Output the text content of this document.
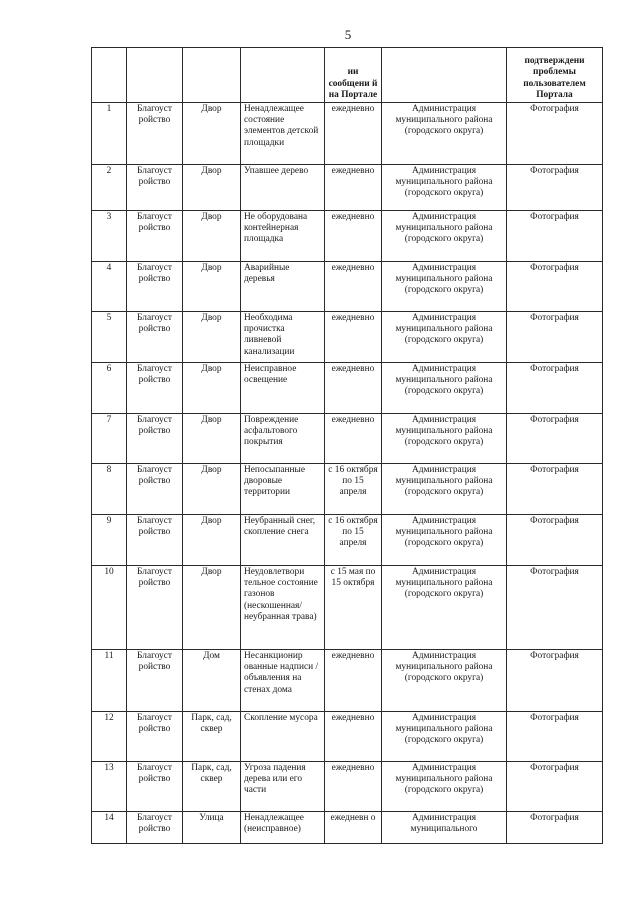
5
				ии сообщени й на Портале		подтверждени проблемы пользователем Портала
1	Благоуст ройство	Двор	Ненадлежащее состояние элементов детской площадки	ежедневно	Администрация муниципального района (городского округа)	Фотография
2	Благоуст ройство	Двор	Упавшее дерево	ежедневно	Администрация муниципального района (городского округа)	Фотография
3	Благоуст ройство	Двор	Не оборудована контейнерная площадка	ежедневно	Администрация муниципального района (городского округа)	Фотография
4	Благоуст ройство	Двор	Аварийные деревья	ежедневно	Администрация муниципального района (городского округа)	Фотография
5	Благоуст ройство	Двор	Необходима прочистка ливневой канализации	ежедневно	Администрация муниципального района (городского округа)	Фотография
6	Благоуст ройство	Двор	Неисправное освещение	ежедневно	Администрация муниципального района (городского округа)	Фотография
7	Благоуст ройство	Двор	Повреждение асфальтового покрытия	ежедневно	Администрация муниципального района (городского округа)	Фотография
8	Благоуст ройство	Двор	Непосыпанные дворовые территории	с 16 октября по 15 апреля	Администрация муниципального района (городского округа)	Фотография
9	Благоуст ройство	Двор	Неубранный снег, скопление снега	с 16 октября по 15 апреля	Администрация муниципального района (городского округа)	Фотография
10	Благоуст ройство	Двор	Неудовлетвори тельное состояние газонов (нескошенная/ неубранная трава)	с 15 мая по 15 октября	Администрация муниципального района (городского округа)	Фотография
11	Благоуст ройство	Дом	Несанкционир ованные надписи / объявления на стенах дома	ежедневно	Администрация муниципального района (городского округа)	Фотография
12	Благоуст ройство	Парк, сад, сквер	Скопление мусора	ежедневно	Администрация муниципального района (городского округа)	Фотография
13	Благоуст ройство	Парк, сад, сквер	Угроза падения дерева или его части	ежедневно	Администрация муниципального района (городского округа)	Фотография
14	Благоуст ройство	Улица	Ненадлежащее (неисправное)	ежедневн о	Администрация муниципального	Фотография
